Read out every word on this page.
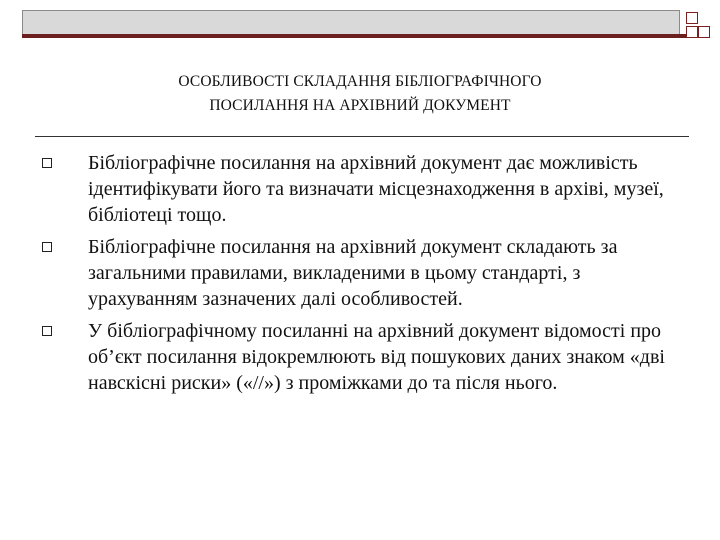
ОСОБЛИВОСТІ СКЛАДАННЯ БІБЛІОГРАФІЧНОГО
ПОСИЛАННЯ НА АРХІВНИЙ ДОКУМЕНТ
Бібліографічне посилання на архівний документ дає можливість ідентифікувати його та визначати місцезнаходження в архіві, музеї, бібліотеці тощо.
Бібліографічне посилання на архівний документ складають за загальними правилами, викладеними в цьому стандарті, з урахуванням зазначених далі особливостей.
У бібліографічному посиланні на архівний документ відомості про об’єкт посилання відокремлюють від пошукових даних знаком «дві навскісні риски» («//») з проміжками до та після нього.
